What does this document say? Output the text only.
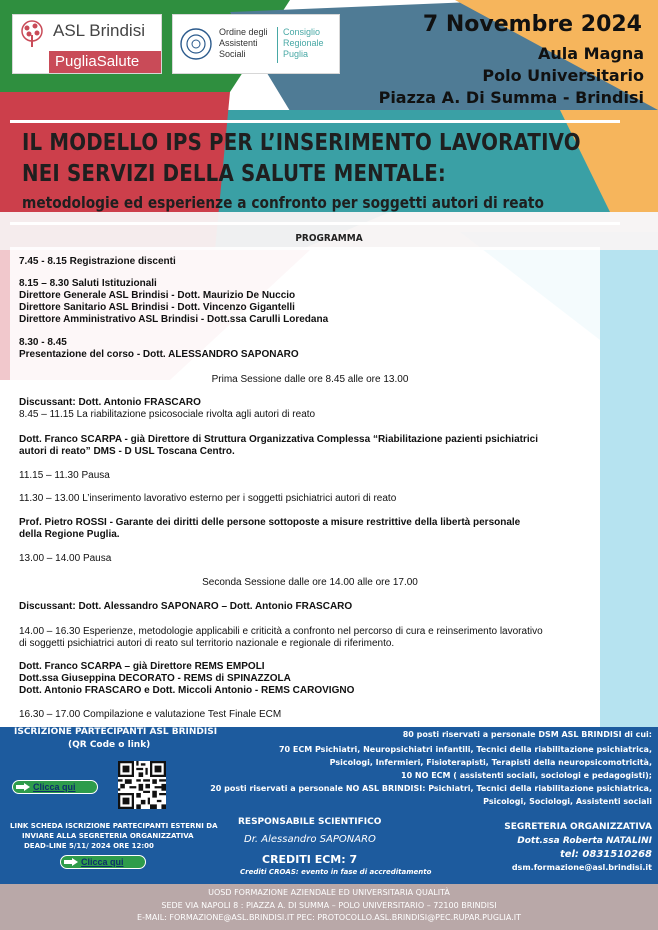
ASL Brindisi
PugliaSalute
Ordine degli Assistenti Sociali
Consiglio Regionale Puglia
7 Novembre 2024
Aula Magna
Polo Universitario
Piazza A. Di Summa - Brindisi
IL MODELLO IPS PER L’INSERIMENTO LAVORATIVO
NEI SERVIZI DELLA SALUTE MENTALE:
metodologie ed esperienze a confronto per soggetti autori di reato
PROGRAMMA

7.45 - 8.15 Registrazione discenti

8.15 – 8.30 Saluti Istituzionali

Direttore Generale ASL Brindisi - Dott. Maurizio De Nuccio

Direttore Sanitario ASL Brindisi - Dott. Vincenzo Gigantelli

Direttore Amministrativo ASL Brindisi - Dott.ssa Carulli Loredana

8.30 - 8.45

Presentazione del corso - Dott. ALESSANDRO SAPONARO

Prima Sessione dalle ore 8.45 alle ore 13.00

Discussant: Dott. Antonio FRASCARO

8.45 – 11.15 La riabilitazione psicosociale rivolta agli autori di reato

Dott. Franco SCARPA - già Direttore di Struttura Organizzativa Complessa “Riabilitazione pazienti psichiatrici

autori di reato” DMS - D USL Toscana Centro.

11.15 – 11.30 Pausa

11.30 – 13.00 L’inserimento lavorativo esterno per i soggetti psichiatrici autori di reato

Prof. Pietro ROSSI - Garante dei diritti delle persone sottoposte a misure restrittive della libertà personale

della Regione Puglia.

13.00 – 14.00 Pausa

Seconda Sessione dalle ore 14.00 alle ore 17.00

Discussant: Dott. Alessandro SAPONARO – Dott. Antonio FRASCARO

14.00 – 16.30 Esperienze, metodologie applicabili e criticità a confronto nel percorso di cura e reinserimento lavorativo

di soggetti psichiatrici autori di reato sul territorio nazionale e regionale di riferimento.

Dott. Franco SCARPA – già Direttore REMS EMPOLI

Dott.ssa Giuseppina DECORATO - REMS di SPINAZZOLA

Dott. Antonio FRASCARO e Dott. Miccoli Antonio - REMS CAROVIGNO

16.30 – 17.00 Compilazione e valutazione Test Finale ECM

ISCRIZIONE PARTECIPANTI ASL BRINDISI
(QR Code o link)
Clicca qui
LINK SCHEDA ISCRIZIONE PARTECIPANTI ESTERNI DA
INVIARE ALLA SEGRETERIA ORGANIZZATIVA
DEAD-LINE 5/11/ 2024 ORE 12:00
Clicca qui
80 posti riservati a personale DSM ASL BRINDISI di cui:
70 ECM Psichiatri, Neuropsichiatri infantili, Tecnici della riabilitazione psichiatrica,
Psicologi, Infermieri, Fisioterapisti, Terapisti della neuropsicomotricità,
10 NO ECM ( assistenti sociali, sociologi e pedagogisti);
20 posti riservati a personale NO ASL BRINDISI: Psichiatri, Tecnici della riabilitazione psichiatrica,
Psicologi, Sociologi, Assistenti sociali
RESPONSABILE SCIENTIFICO
Dr. Alessandro SAPONARO
CREDITI ECM: 7
Crediti CROAS: evento in fase di accreditamento
SEGRETERIA ORGANIZZATIVA
Dott.ssa Roberta NATALINI
tel: 0831510268
dsm.formazione@asl.brindisi.it

UOSD FORMAZIONE AZIENDALE ED UNIVERSITARIA QUALITÀ

SEDE VIA NAPOLI 8 : PIAZZA A. DI SUMMA – POLO UNIVERSITARIO – 72100 BRINDISI

E-MAIL: FORMAZIONE@ASL.BRINDISI.IT PEC: PROTOCOLLO.ASL.BRINDISI@PEC.RUPAR.PUGLIA.IT
